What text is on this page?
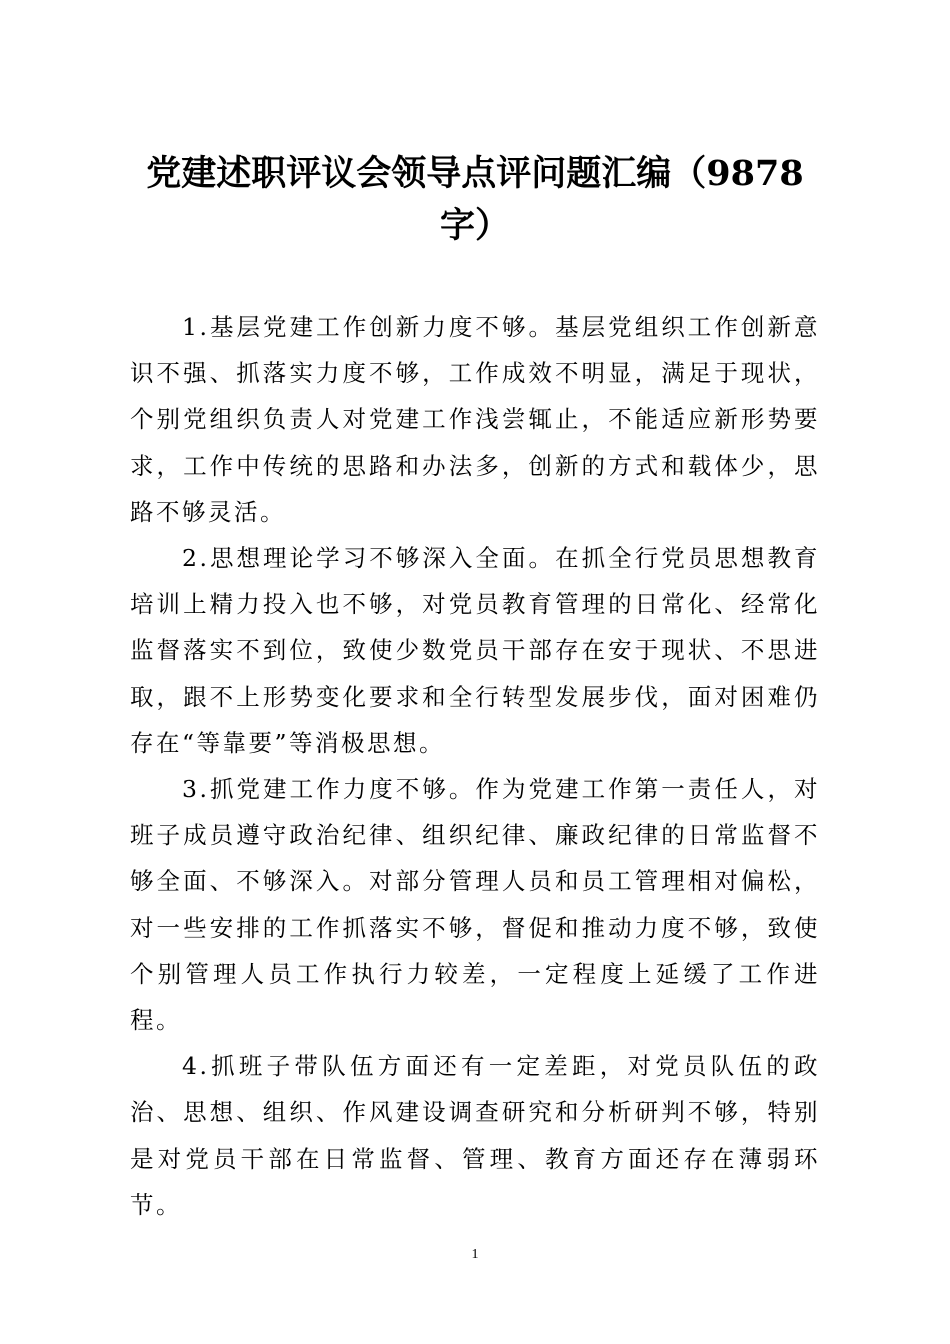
党建述职评议会领导点评问题汇编（9878字）

1.基层党建工作创新力度不够。基层党组织工作创新意识不强、抓落实力度不够，工作成效不明显，满足于现状，个别党组织负责人对党建工作浅尝辄止，不能适应新形势要求，工作中传统的思路和办法多，创新的方式和载体少，思路不够灵活。

2.思想理论学习不够深入全面。在抓全行党员思想教育培训上精力投入也不够，对党员教育管理的日常化、经常化监督落实不到位，致使少数党员干部存在安于现状、不思进取，跟不上形势变化要求和全行转型发展步伐，面对困难仍存在“等靠要”等消极思想。

3.抓党建工作力度不够。作为党建工作第一责任人，对班子成员遵守政治纪律、组织纪律、廉政纪律的日常监督不够全面、不够深入。对部分管理人员和员工管理相对偏松，对一些安排的工作抓落实不够，督促和推动力度不够，致使个别管理人员工作执行力较差，一定程度上延缓了工作进程。

4.抓班子带队伍方面还有一定差距，对党员队伍的政治、思想、组织、作风建设调查研究和分析研判不够，特别是对党员干部在日常监督、管理、教育方面还存在薄弱环节。

1
